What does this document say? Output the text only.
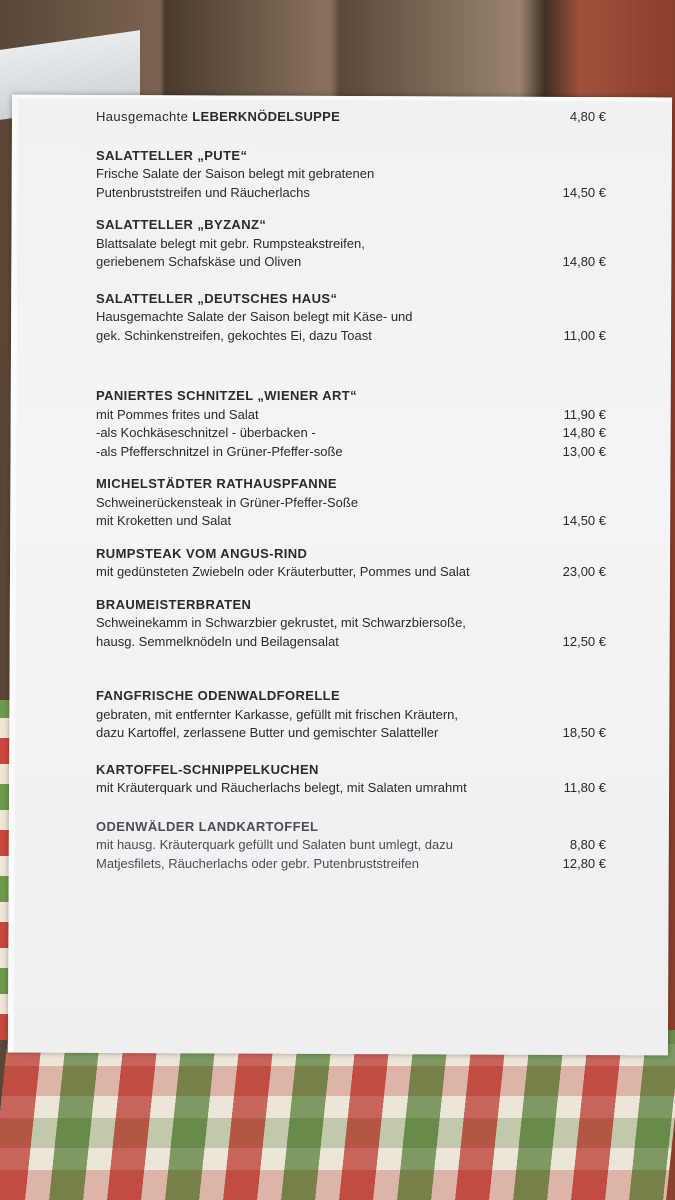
Hausgemachte LEBERKNÖDELSUPPE	4,80 €
SALATTELLER „PUTE“
Frische Salate der Saison belegt mit gebratenen
Putenbruststreifen und Räucherlachs	14,50 €
SALATTELLER „BYZANZ“
Blattsalate belegt mit gebr. Rumpsteakstreifen,
geriebenem Schafskäse und Oliven	14,80 €
SALATTELLER „DEUTSCHES HAUS“
Hausgemachte Salate der Saison belegt mit Käse- und
gek. Schinkenstreifen, gekochtes Ei, dazu Toast	11,00 €
PANIERTES SCHNITZEL „WIENER ART“
mit Pommes frites und Salat	11,90 €
-als Kochkäseschnitzel - überbacken -	14,80 €
-als Pfefferschnitzel in Grüner-Pfeffer-soße	13,00 €
MICHELSTÄDTER RATHAUSPFANNE
Schweinerückensteak in Grüner-Pfeffer-Soße
mit Kroketten und Salat	14,50 €
RUMPSTEAK VOM ANGUS-RIND
mit gedünsteten Zwiebeln oder Kräuterbutter, Pommes und Salat	23,00 €
BRAUMEISTERBRATEN
Schweinekamm in Schwarzbier gekrustet, mit Schwarzbiersoße,
hausg. Semmelknödeln und Beilagensalat	12,50 €
FANGFRISCHE ODENWALDFORELLE
gebraten, mit entfernter Karkasse, gefüllt mit frischen Kräutern,
dazu Kartoffel, zerlassene Butter und gemischter Salatteller	18,50 €
KARTOFFEL-SCHNIPPELKUCHEN
mit Kräuterquark und Räucherlachs belegt, mit Salaten umrahmt	11,80 €
ODENWÄLDER LANDKARTOFFEL
mit hausg. Kräuterquark gefüllt und Salaten bunt umlegt, dazu	8,80 €
Matjesfilets, Räucherlachs oder gebr. Putenbruststreifen	12,80 €
